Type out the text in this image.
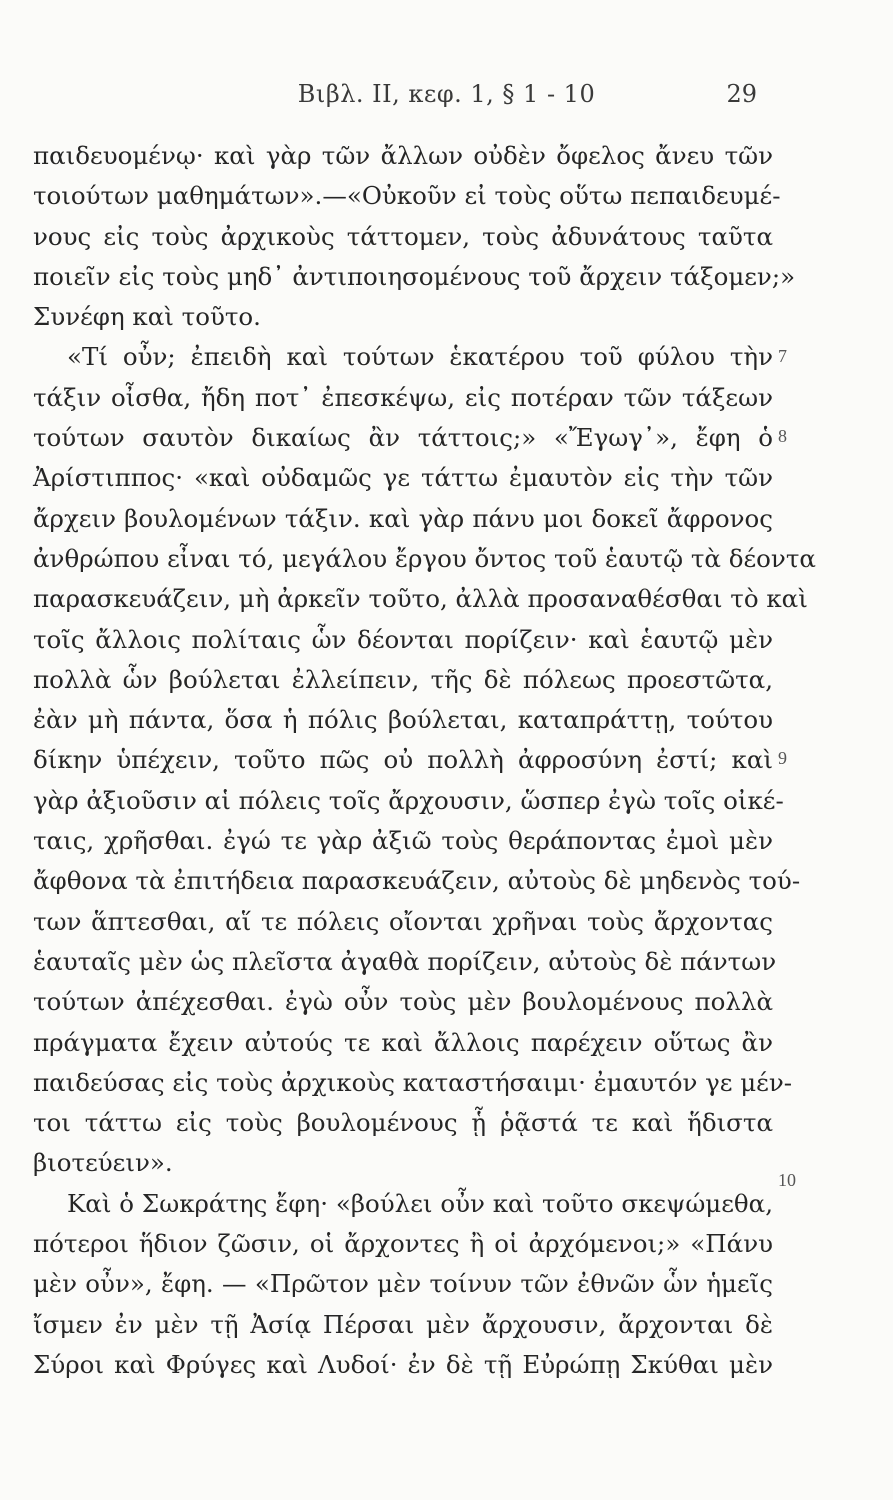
Βιβλ. ΙΙ, κεφ. 1, § 1 - 10	29
παιδευομένῳ· καὶ γὰρ τῶν ἄλλων οὐδὲν ὄφελος ἄνευ τῶν
τοιούτων μαθημάτων».—«Οὐκοῦν εἰ τοὺς οὕτω πεπαιδευμέ-
νους εἰς τοὺς ἀρχικοὺς τάττομεν, τοὺς ἀδυνάτους ταῦτα
ποιεῖν εἰς τοὺς μηδ᾽ ἀντιποιησομένους τοῦ ἄρχειν τάξομεν;»
Συνέφη καὶ τοῦτο.
«Τί οὖν; ἐπειδὴ καὶ τούτων ἑκατέρου τοῦ φύλου τὴν
τάξιν οἶσθα, ἤδη ποτ᾽ ἐπεσκέψω, εἰς ποτέραν τῶν τάξεων
τούτων σαυτὸν δικαίως ἂν τάττοις;» «Ἔγωγ᾽», ἔφη ὁ
Ἀρίστιππος· «καὶ οὐδαμῶς γε τάττω ἐμαυτὸν εἰς τὴν τῶν
ἄρχειν βουλομένων τάξιν. καὶ γὰρ πάνυ μοι δοκεῖ ἄφρονος
ἀνθρώπου εἶναι τό, μεγάλου ἔργου ὄντος τοῦ ἑαυτῷ τὰ δέοντα
παρασκευάζειν, μὴ ἀρκεῖν τοῦτο, ἀλλὰ προσαναθέσθαι τὸ καὶ
τοῖς ἄλλοις πολίταις ὧν δέονται πορίζειν· καὶ ἑαυτῷ μὲν
πολλὰ ὧν βούλεται ἐλλείπειν, τῆς δὲ πόλεως προεστῶτα,
ἐὰν μὴ πάντα, ὅσα ἡ πόλις βούλεται, καταπράττῃ, τούτου
δίκην ὑπέχειν, τοῦτο πῶς οὐ πολλὴ ἀφροσύνη ἐστί; καὶ
γὰρ ἀξιοῦσιν αἱ πόλεις τοῖς ἄρχουσιν, ὥσπερ ἐγὼ τοῖς οἰκέ-
ταις, χρῆσθαι. ἐγώ τε γὰρ ἀξιῶ τοὺς θεράποντας ἐμοὶ μὲν
ἄφθονα τὰ ἐπιτήδεια παρασκευάζειν, αὐτοὺς δὲ μηδενὸς τού-
των ἅπτεσθαι, αἵ τε πόλεις οἴονται χρῆναι τοὺς ἄρχοντας
ἑαυταῖς μὲν ὡς πλεῖστα ἀγαθὰ πορίζειν, αὐτοὺς δὲ πάντων
τούτων ἀπέχεσθαι. ἐγὼ οὖν τοὺς μὲν βουλομένους πολλὰ
πράγματα ἔχειν αὐτούς τε καὶ ἄλλοις παρέχειν οὕτως ἂν
παιδεύσας εἰς τοὺς ἀρχικοὺς καταστήσαιμι· ἐμαυτόν γε μέν-
τοι τάττω εἰς τοὺς βουλομένους ᾗ ῥᾷστά τε καὶ ἥδιστα
βιοτεύειν».
Καὶ ὁ Σωκράτης ἔφη· «βούλει οὖν καὶ τοῦτο σκεψώμεθα,
πότεροι ἥδιον ζῶσιν, οἱ ἄρχοντες ἢ οἱ ἀρχόμενοι;» «Πάνυ
μὲν οὖν», ἔφη. — «Πρῶτον μὲν τοίνυν τῶν ἐθνῶν ὧν ἡμεῖς
ἴσμεν ἐν μὲν τῇ Ἀσίᾳ Πέρσαι μὲν ἄρχουσιν, ἄρχονται δὲ
Σύροι καὶ Φρύγες καὶ Λυδοί· ἐν δὲ τῇ Εὐρώπῃ Σκύθαι μὲν
7
8
9
10
